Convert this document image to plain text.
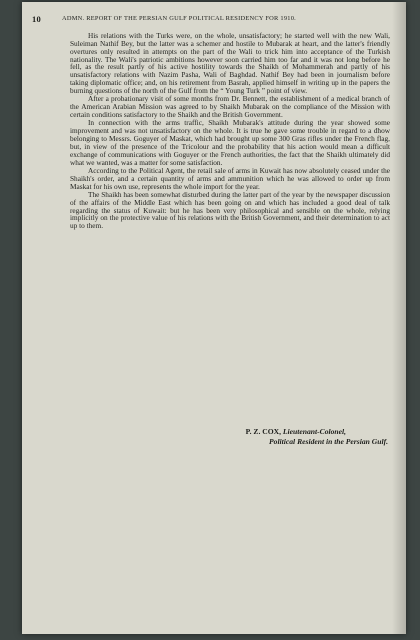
10	ADMN. REPORT OF THE PERSIAN GULF POLITICAL RESIDENCY FOR 1910.

His relations with the Turks were, on the whole, unsatisfactory; he started well with the new Wali, Suleiman Nathif Bey, but the latter was a schemer and hostile to Mubarak at heart, and the latter's friendly overtures only resulted in attempts on the part of the Wali to trick him into acceptance of the Turkish nationality. The Wali's patriotic ambitions however soon carried him too far and it was not long before he fell, as the result partly of his active hostility towards the Shaikh of Mohammerah and partly of his unsatisfactory relations with Nazim Pasha, Wali of Baghdad. Nathif Bey had been in journalism before taking diplomatic office; and, on his retirement from Basrah, applied himself in writing up in the papers the burning questions of the north of the Gulf from the “ Young Turk ” point of view.

After a probationary visit of some months from Dr. Bennett, the establishment of a medical branch of the American Arabian Mission was agreed to by Shaikh Mubarak on the compliance of the Mission with certain conditions satisfactory to the Shaikh and the British Government.

In connection with the arms traffic, Shaikh Mubarak's attitude during the year showed some improvement and was not unsatisfactory on the whole. It is true he gave some trouble in regard to a dhow belonging to Messrs. Goguyer of Maskat, which had brought up some 300 Gras rifles under the French flag, but, in view of the presence of the Tricolour and the probability that his action would mean a difficult exchange of communications with Goguyer or the French authorities, the fact that the Shaikh ultimately did what we wanted, was a matter for some satisfaction.

According to the Political Agent, the retail sale of arms in Kuwait has now absolutely ceased under the Shaikh's order, and a certain quantity of arms and ammunition which he was allowed to order up from Maskat for his own use, represents the whole import for the year.

The Shaikh has been somewhat disturbed during the latter part of the year by the newspaper discussion of the affairs of the Middle East which has been going on and which has included a good deal of talk regarding the status of Kuwait: but he has been very philosophical and sensible on the whole, relying implicitly on the protective value of his relations with the British Government, and their determination to act up to them.

P. Z. COX, Lieutenant-Colonel,
Political Resident in the Persian Gulf.
